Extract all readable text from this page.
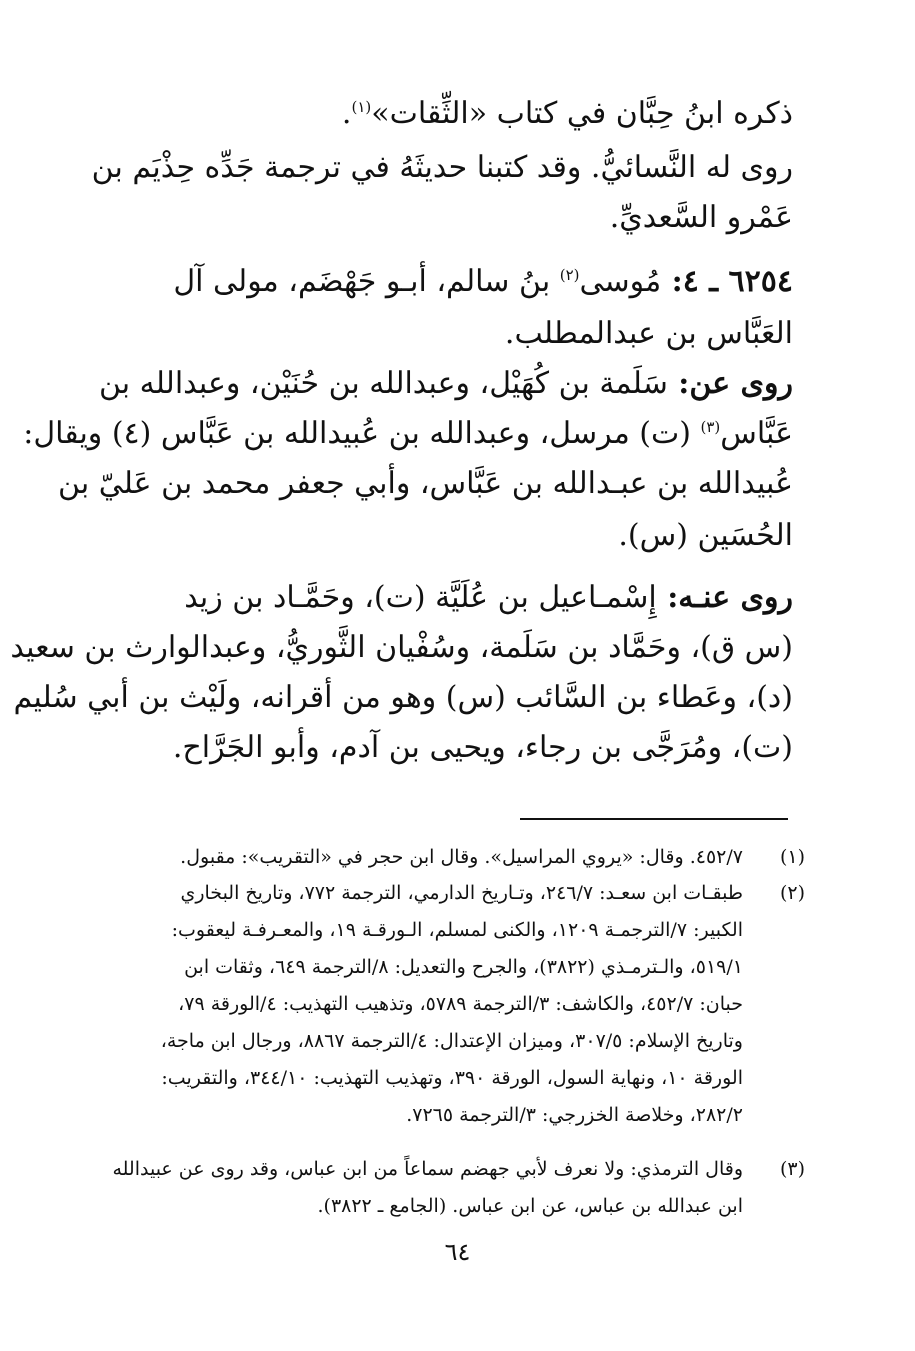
ذكره ابنُ حِبَّان في كتاب «الثِّقات»$^{(١)}$.
روى له النَّسائيُّ. وقد كتبنا حديثَهُ في ترجمة جَدِّه حِذْيَم بن
عَمْرو السَّعديِّ.
٦٢٥٤ ـ ٤: مُوسى$^{(٢)}$ بنُ سالم، أبـو جَهْضَم، مولى آل
العَبَّاس بن عبدالمطلب.
روى عن: سَلَمة بن كُهَيْل، وعبدالله بن حُنَيْن، وعبدالله بن
عَبَّاس$^{(٣)}$ (ت) مرسل، وعبدالله بن عُبيدالله بن عَبَّاس (٤) ويقال:
عُبيدالله بن عبـدالله بن عَبَّاس، وأبي جعفر محمد بن عَليّ بن
الحُسَين (س).
روى عنـه: إِسْمـاعيل بن عُلَيَّة (ت)، وحَمَّـاد بن زيد
(س ق)، وحَمَّاد بن سَلَمة، وسُفْيان الثَّوريُّ، وعبدالوارث بن سعيد
(د)، وعَطاء بن السَّائب (س) وهو من أقرانه، ولَيْث بن أبي سُليم
(ت)، ومُرَجَّى بن رجاء، ويحيى بن آدم، وأبو الجَرَّاح.
(١)
٤٥٢/٧. وقال: «يروي المراسيل». وقال ابن حجر في «التقريب»: مقبول.
(٢)
طبقـات ابن سعـد: ٢٤٦/٧، وتـاريخ الدارمي، الترجمة ٧٧٢، وتاريخ البخاري
الكبير: ٧/الترجمـة ١٢٠٩، والكنى لمسلم، الـورقـة ١٩، والمعـرفـة ليعقوب:
٥١٩/١، والـترمـذي (٣٨٢٢)، والجرح والتعديل: ٨/الترجمة ٦٤٩، وثقات ابن
حبان: ٤٥٢/٧، والكاشف: ٣/الترجمة ٥٧٨٩، وتذهيب التهذيب: ٤/الورقة ٧٩،
وتاريخ الإسلام: ٣٠٧/٥، وميزان الإعتدال: ٤/الترجمة ٨٨٦٧، ورجال ابن ماجة،
الورقة ١٠، ونهاية السول، الورقة ٣٩٠، وتهذيب التهذيب: ٣٤٤/١٠، والتقريب:
٢٨٢/٢، وخلاصة الخزرجي: ٣/الترجمة ٧٢٦٥.
(٣)
وقال الترمذي: ولا نعرف لأبي جهضم سماعاً من ابن عباس، وقد روى عن عبيدالله
ابن عبدالله بن عباس، عن ابن عباس. (الجامع ـ ٣٨٢٢).
٦٤
